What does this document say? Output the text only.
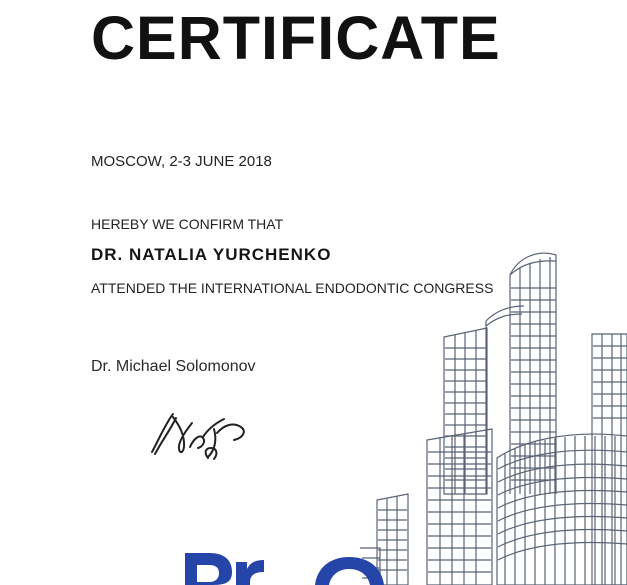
CERTIFICATE
MOSCOW, 2-3 JUNE 2018
HEREBY WE CONFIRM THAT
DR. NATALIA YURCHENKO
ATTENDED THE INTERNATIONAL ENDODONTIC CONGRESS
Dr. Michael Solomonov
